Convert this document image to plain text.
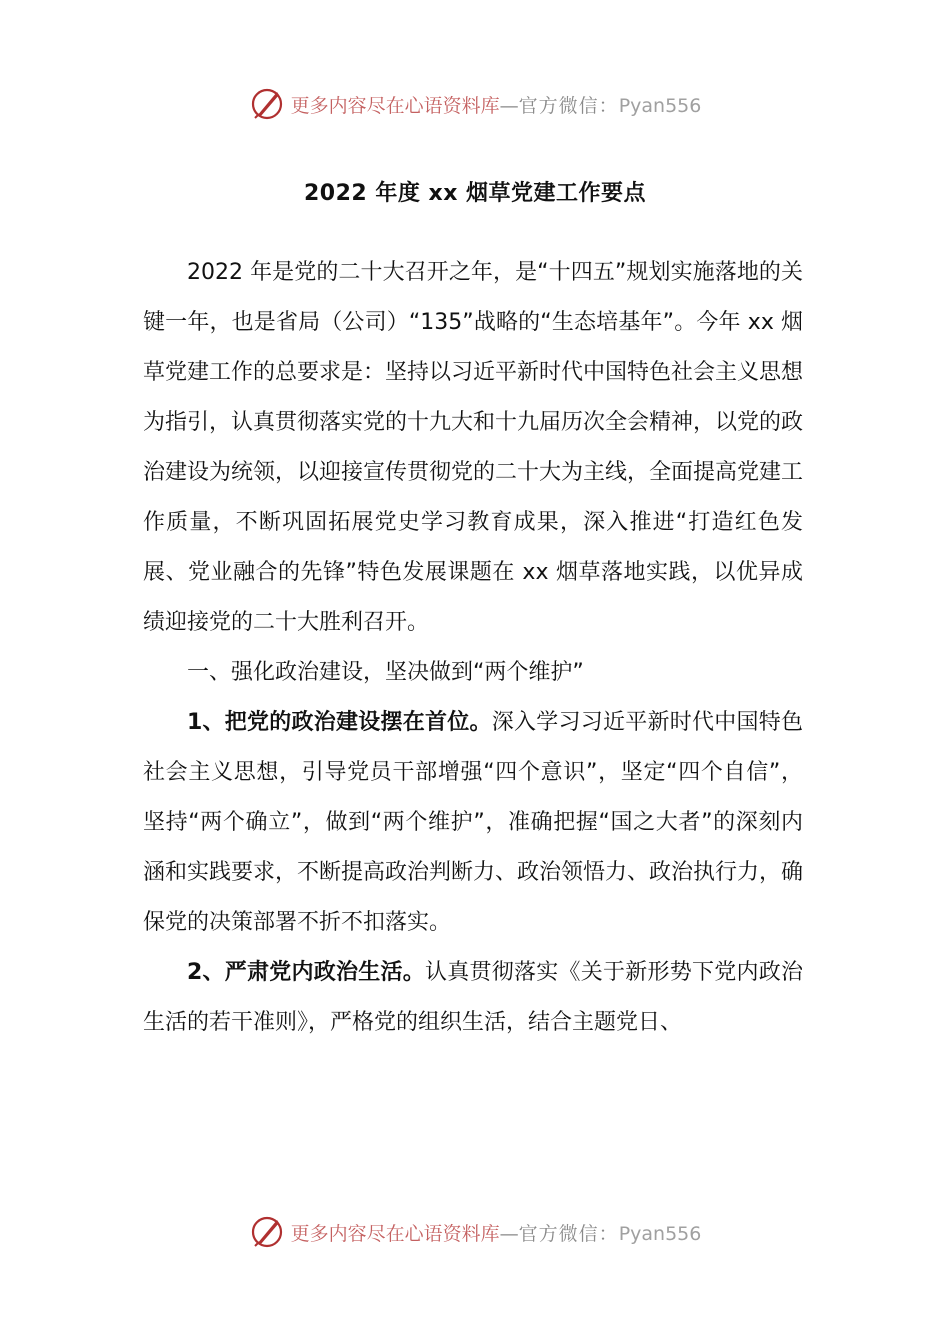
更多内容尽在心语资料库—官方微信：Pyan556
2022 年度 xx 烟草党建工作要点

2022 年是党的二十大召开之年，是“十四五”规划实施落地的关键一年，也是省局（公司）“135”战略的“生态培基年”。今年 xx 烟草党建工作的总要求是：坚持以习近平新时代中国特色社会主义思想为指引，认真贯彻落实党的十九大和十九届历次全会精神，以党的政治建设为统领，以迎接宣传贯彻党的二十大为主线，全面提高党建工作质量，不断巩固拓展党史学习教育成果，深入推进“打造红色发展、党业融合的先锋”特色发展课题在 xx 烟草落地实践，以优异成绩迎接党的二十大胜利召开。

一、强化政治建设，坚决做到“两个维护”

1、把党的政治建设摆在首位。深入学习习近平新时代中国特色社会主义思想，引导党员干部增强“四个意识”，坚定“四个自信”，坚持“两个确立”，做到“两个维护”，准确把握“国之大者”的深刻内涵和实践要求，不断提高政治判断力、政治领悟力、政治执行力，确保党的决策部署不折不扣落实。

2、严肃党内政治生活。认真贯彻落实《关于新形势下党内政治生活的若干准则》，严格党的组织生活，结合主题党日、

更多内容尽在心语资料库—官方微信：Pyan556
